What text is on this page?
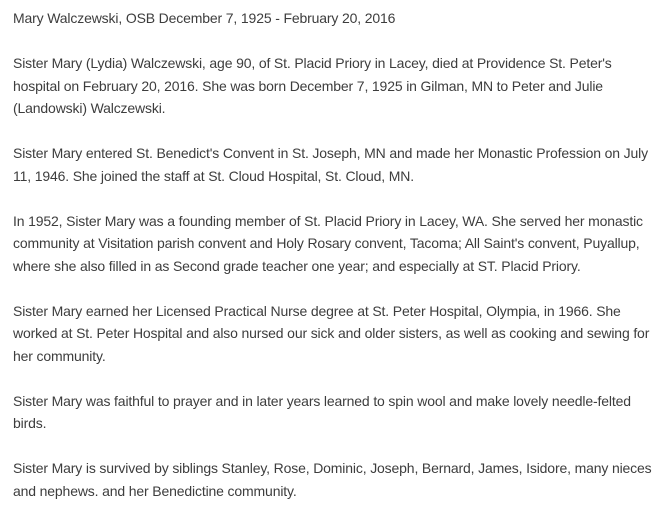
Mary Walczewski, OSB December 7, 1925 - February 20, 2016

Sister Mary (Lydia) Walczewski, age 90, of St. Placid Priory in Lacey, died at Providence St. Peter's hospital on February 20, 2016. She was born December 7, 1925 in Gilman, MN to Peter and Julie (Landowski) Walczewski.

Sister Mary entered St. Benedict's Convent in St. Joseph, MN and made her Monastic Profession on July 11, 1946. She joined the staff at St. Cloud Hospital, St. Cloud, MN.

In 1952, Sister Mary was a founding member of St. Placid Priory in Lacey, WA. She served her monastic community at Visitation parish convent and Holy Rosary convent, Tacoma; All Saint's convent, Puyallup, where she also filled in as Second grade teacher one year; and especially at ST. Placid Priory.

Sister Mary earned her Licensed Practical Nurse degree at St. Peter Hospital, Olympia, in 1966. She worked at St. Peter Hospital and also nursed our sick and older sisters, as well as cooking and sewing for her community.

Sister Mary was faithful to prayer and in later years learned to spin wool and make lovely needle-felted birds.

Sister Mary is survived by siblings Stanley, Rose, Dominic, Joseph, Bernard, James, Isidore, many nieces and nephews. and her Benedictine community.
